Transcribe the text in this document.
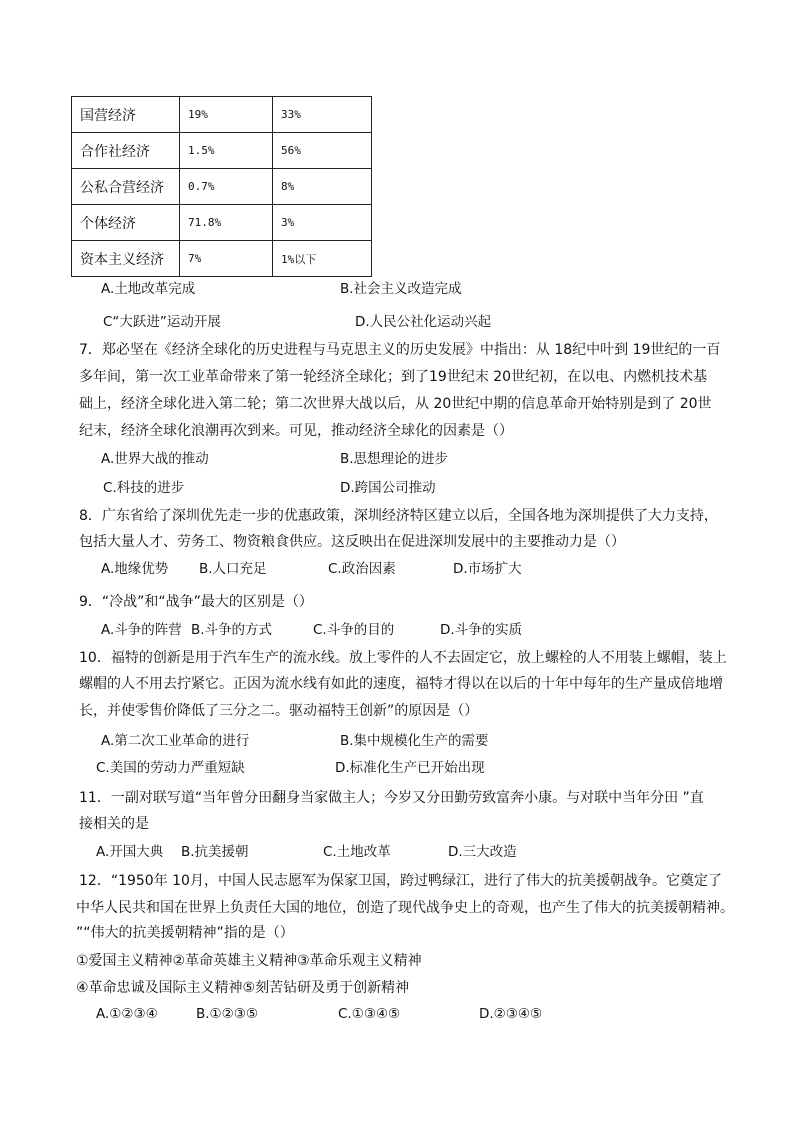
国营经济	19%	33%
合作社经济	1.5%	56%
公私合营经济	0.7%	8%
个体经济	71.8%	3%
资本主义经济	7%	1%以下
A.土地改革完成	B.社会主义改造完成
C“大跃进”运动开展	D.人民公社化运动兴起
7．郑必坚在《经济全球化的历史进程与马克思主义的历史发展》中指出：从 18纪中叶到 19世纪的一百
多年间，第一次工业革命带来了第一轮经济全球化；到了19世纪末 20世纪初，在以电、内燃机技术基
础上，经济全球化进入第二轮；第二次世界大战以后，从 20世纪中期的信息革命开始特别是到了 20世
纪末，经济全球化浪潮再次到来。可见，推动经济全球化的因素是（）
A.世界大战的推动	B.思想理论的进步
C.科技的进步	D.跨国公司推动
8．广东省给了深圳优先走一步的优惠政策，深圳经济特区建立以后，全国各地为深圳提供了大力支持，
包括大量人才、劳务工、物资粮食供应。这反映出在促进深圳发展中的主要推动力是（）
A.地缘优势 B.人口充足	C.政治因素	D.市场扩大
9．“冷战”和“战争”最大的区别是（）
A.斗争的阵营 B.斗争的方式	C.斗争的目的	D.斗争的实质
10．福特的创新是用于汽车生产的流水线。放上零件的人不去固定它，放上螺栓的人不用装上螺帽，装上
螺帽的人不用去拧紧它。正因为流水线有如此的速度，福特才得以在以后的十年中每年的生产量成倍地增
长，并使零售价降低了三分之二。驱动福特王创新”的原因是（）
A.第二次工业革命的进行	B.集中规模化生产的需要
C.美国的劳动力严重短缺	D.标准化生产已开始出现
11．一副对联写道“当年曾分田翻身当家做主人；今岁又分田勤劳致富奔小康。与对联中当年分田 ”直
接相关的是
A.开国大典 B.抗美援朝	C.土地改革	D.三大改造
12．“1950年 10月，中国人民志愿军为保家卫国，跨过鸭绿江，进行了伟大的抗美援朝战争。它奠定了
中华人民共和国在世界上负责任大国的地位，创造了现代战争史上的奇观，也产生了伟大的抗美援朝精神。
”“伟大的抗美援朝精神”指的是（）
①爱国主义精神②革命英雄主义精神③革命乐观主义精神
④革命忠诚及国际主义精神⑤刻苦钻研及勇于创新精神
A.①②③④	B.①②③⑤	C.①③④⑤	D.②③④⑤
